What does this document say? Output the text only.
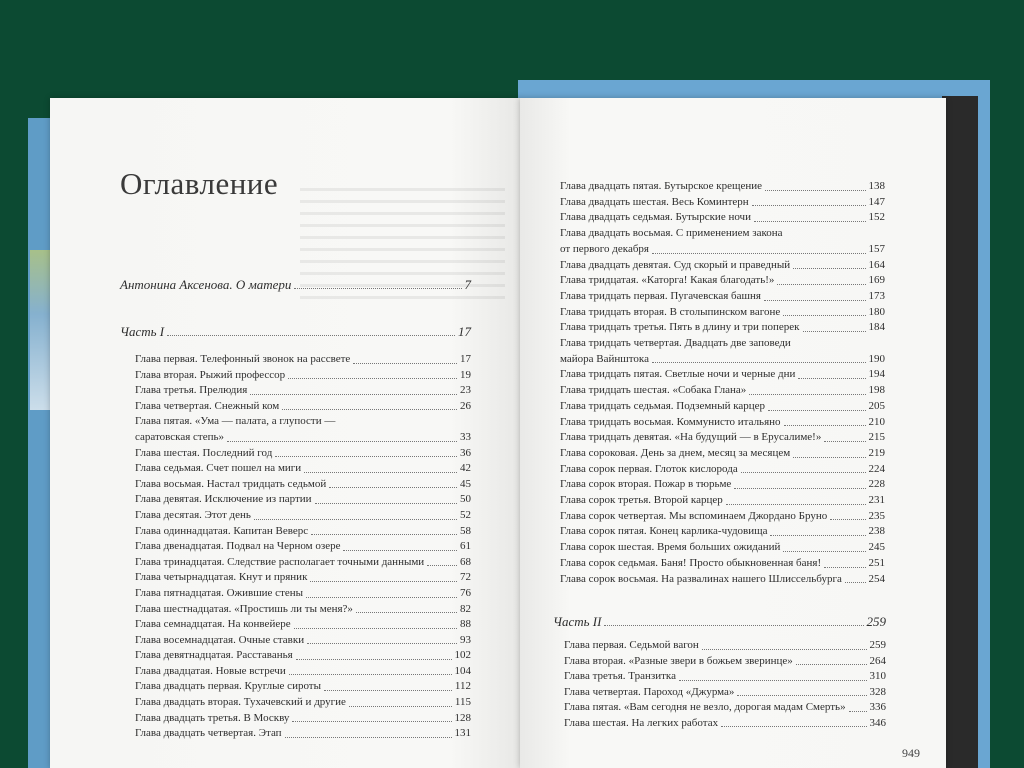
Оглавление
Антонина Аксенова. О матери	7
Часть I	17
Глава первая. Телефонный звонок на рассвете	17
Глава вторая. Рыжий профессор	19
Глава третья. Прелюдия	23
Глава четвертая. Снежный ком	26
Глава пятая. «Ума — палата, а глупости —
саратовская степь»	33
Глава шестая. Последний год	36
Глава седьмая. Счет пошел на миги	42
Глава восьмая. Настал тридцать седьмой	45
Глава девятая. Исключение из партии	50
Глава десятая. Этот день	52
Глава одиннадцатая. Капитан Веверс	58
Глава двенадцатая. Подвал на Черном озере	61
Глава тринадцатая. Следствие располагает точными данными	68
Глава четырнадцатая. Кнут и пряник	72
Глава пятнадцатая. Ожившие стены	76
Глава шестнадцатая. «Простишь ли ты меня?»	82
Глава семнадцатая. На конвейере	88
Глава восемнадцатая. Очные ставки	93
Глава девятнадцатая. Расставанья	102
Глава двадцатая. Новые встречи	104
Глава двадцать первая. Круглые сироты	112
Глава двадцать вторая. Тухачевский и другие	115
Глава двадцать третья. В Москву	128
Глава двадцать четвертая. Этап	131
Глава двадцать пятая. Бутырское крещение	138
Глава двадцать шестая. Весь Коминтерн	147
Глава двадцать седьмая. Бутырские ночи	152
Глава двадцать восьмая. С применением закона
от первого декабря	157
Глава двадцать девятая. Суд скорый и праведный	164
Глава тридцатая. «Каторга! Какая благодать!»	169
Глава тридцать первая. Пугачевская башня	173
Глава тридцать вторая. В столыпинском вагоне	180
Глава тридцать третья. Пять в длину и три поперек	184
Глава тридцать четвертая. Двадцать две заповеди
майора Вайнштока	190
Глава тридцать пятая. Светлые ночи и черные дни	194
Глава тридцать шестая. «Собака Глана»	198
Глава тридцать седьмая. Подземный карцер	205
Глава тридцать восьмая. Коммунисто итальяно	210
Глава тридцать девятая. «На будущий — в Ерусалиме!»	215
Глава сороковая. День за днем, месяц за месяцем	219
Глава сорок первая. Глоток кислорода	224
Глава сорок вторая. Пожар в тюрьме	228
Глава сорок третья. Второй карцер	231
Глава сорок четвертая. Мы вспоминаем Джордано Бруно	235
Глава сорок пятая. Конец карлика-чудовища	238
Глава сорок шестая. Время больших ожиданий	245
Глава сорок седьмая. Баня! Просто обыкновенная баня!	251
Глава сорок восьмая. На развалинах нашего Шлиссельбурга 254
Часть II	259
Глава первая. Седьмой вагон	259
Глава вторая. «Разные звери в божьем зверинце»	264
Глава третья. Транзитка	310
Глава четвертая. Пароход «Джурма»	328
Глава пятая. «Вам сегодня не везло, дорогая мадам Смерть» 336
Глава шестая. На легких работах	346
949
